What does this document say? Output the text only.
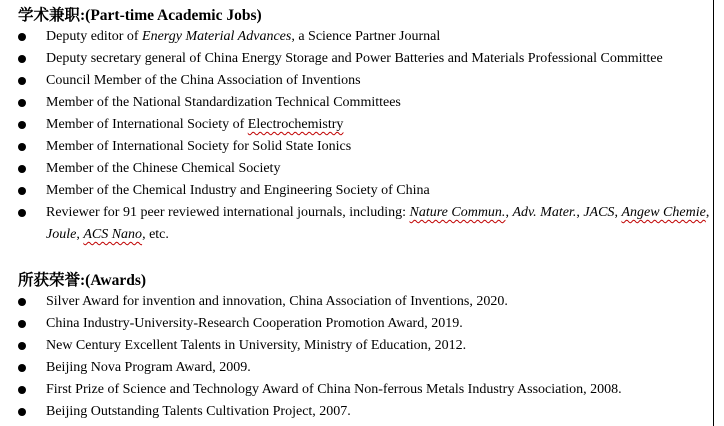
学术兼职:(Part-time Academic Jobs)
Deputy editor of Energy Material Advances, a Science Partner Journal
Deputy secretary general of China Energy Storage and Power Batteries and Materials Professional Committee
Council Member of the China Association of Inventions
Member of the National Standardization Technical Committees
Member of International Society of Electrochemistry
Member of International Society for Solid State Ionics
Member of the Chinese Chemical Society
Member of the Chemical Industry and Engineering Society of China
Reviewer for 91 peer reviewed international journals, including: Nature Commun., Adv. Mater., JACS, Angew Chemie, Joule, ACS Nano, etc.
所获荣誉:(Awards)
Silver Award for invention and innovation, China Association of Inventions, 2020.
China Industry-University-Research Cooperation Promotion Award, 2019.
New Century Excellent Talents in University, Ministry of Education, 2012.
Beijing Nova Program Award, 2009.
First Prize of Science and Technology Award of China Non-ferrous Metals Industry Association, 2008.
Beijing Outstanding Talents Cultivation Project, 2007.
